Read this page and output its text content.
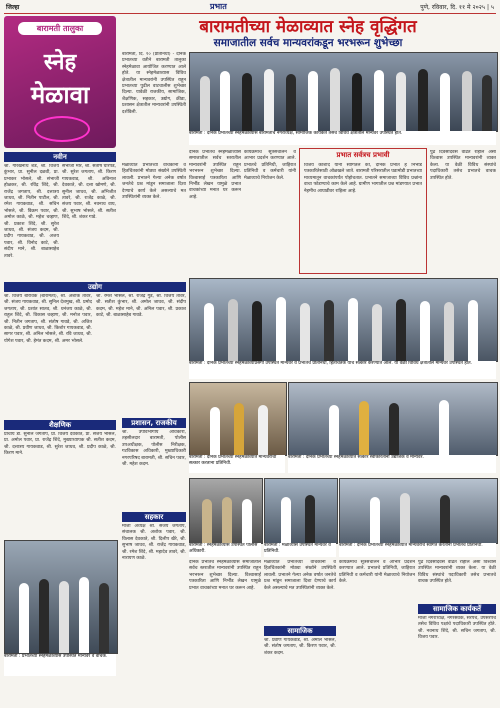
जिल्हा	प्रभात	पुणे, रविवार, दि. ११ मे २०२५ | ५
बारामती तालुका
स्नेह
मेळावा
बारामतीच्या मेळाव्यात स्नेह वृद्धिंगत
समाजातील सर्वच मान्यवरांकडून भरभरून शुभेच्छा
बारामती, दि. १० (प्रतिनिधी) - दैनिक प्रभातच्या वतीने बारामती तालुका स्नेहमेळावा आयोजित करण्यात आले होते. या स्नेहमेळाव्यास विविध क्षेत्रातील मान्यवरांनी उपस्थित राहून प्रभातच्या पुढील वाटचालीस शुभेच्छा दिल्या. यावेळी राजकीय, सामाजिक, शैक्षणिक, सहकार, उद्योग, क्रीडा, प्रशासन क्षेत्रातील मान्यवरांनी उपस्थिती दर्शविली.
बारामती : दैनिक प्रभातच्या स्नेहमेळाव्यास बारामतीचे नगराध्यक्ष, सामाजिक कार्यकर्ते तसेच विविध क्षेत्रातील मान्यवर उपस्थित होते.
नवीन
श्री. गोरखनाथ शेंडे, श्री. विजय कुंभार, प्रा. सुनील दळवी, प्रा. प्रभाकर भोसले, श्री. संभाजी होळकर, श्री. रविंद्र शिंदे, श्री. राजेंद्र जगताप, श्री. दत्तात्रय जाधव, श्री. नितीन पाटील, श्री. रमेश गायकवाड, श्री. सचिन भोसले, श्री. विक्रम पवार, श्री. अमोल काळे, श्री. महेश चव्हाण, श्री. प्रकाश शिंदे, श्री. सुरेश जाधव, श्री. संजय कदम, श्री. प्रदीप गायकवाड, श्री. अजय पवार, श्री. विनोद काटे, श्री. संदीप माने, श्री. बाळासाहेब तावरे.
संभाजी मोरे, श्री. संतोष घोरपडे, श्री. सुरेश जगताप, श्री. किरण गायकवाड, श्री. अविनाश देवकाते, श्री. दत्ता खोमणे, श्री. सुनील जाधव, श्री. अभिजीत तावरे, श्री. राजेंद्र काळे, श्री. संजय पवार, श्री. नवनाथ वाघ, श्री. सुभाष भोसले, श्री. सतीश शिंदे, श्री. शंकर गाडे.
मेळाव्यात प्रभातच्या वाचकांनी व हितचिंतकांनी मोठ्या संख्येने उपस्थिती लावली. प्रभातने गेल्या अनेक वर्षात जनतेचे प्रश्न मांडून समाजाला दिशा देण्याचे कार्य केले असल्याचे मत उपस्थितांनी व्यक्त केले.
दैनिक प्रभातचे स्नेहमेळाव्यास समाजातील सर्वच स्तरातील मान्यवरांनी उपस्थित राहून भरभरून शुभेच्छा दिल्या. विश्वासार्ह पत्रकारिता आणि निर्भीड लेखन यामुळे प्रभात वाचकांच्या मनात घर करून आहे.
कार्यक्रमाचे सूत्रसंचालन व आभार प्रदर्शन करण्यात आले. प्रभातचे प्रतिनिधी, जाहिरात प्रतिनिधी व कर्मचारी यांनी मेळाव्याचे नियोजन केले.
प्रभात सर्वत्रच प्रभावी
विजय काशीद यांनी सांगितले की, दैनिक प्रभात हे निर्भीड पत्रकारितेसाठी ओळखले जाते. बारामती परिसरातील घडामोडी प्रभातच्या माध्यमातून वाचकांपर्यंत पोहोचतात. प्रभातने समाजाच्या विविध प्रश्नांना वाचा फोडण्याचे काम केले आहे. ग्रामीण भागातील प्रश्न मांडण्यात प्रभात नेहमीच आघाडीवर राहिला आहे.
पुढे दिवसेंदिवस वाढत राहील असा विश्वास उपस्थित मान्यवरांनी व्यक्त केला. या वेळी विविध संस्थांचे पदाधिकारी तसेच प्रभातचे वाचक उपस्थित होते.
उद्योग
श्री. विजय बोरावके (बारामती), श्री. अशोक तावरे, श्री. संजय गायकवाड, श्री. सुनिल देशमुख, श्री. प्रमोद जगताप, श्री. प्रशांत सातव, श्री. धनंजय काळे, श्री. राहुल शिंदे, श्री. विकास चव्हाण, श्री. मनोज पवार, श्री. नितीन जगताप, श्री. संतोष गावडे, श्री. अजित काळे, श्री. प्रवीण जाधव, श्री. किशोर गायकवाड, श्री. सागर पवार, श्री. अनिल भोसले, श्री. रवि जाधव, श्री. योगेश पवार, श्री. हेमंत कदम, श्री. अमर भोसले.
श्री. रमेश भोसले, श्री. राजेंद्र गुंडे, श्री. विजय तावरे, श्री. सतीश कुंभार, श्री. अमोल जाधव, श्री. संदीप कदम, श्री. महेश माने, श्री. अनिल पवार, श्री. प्रकाश काटे, श्री. बाळासाहेब गावडे.
बारामती : दैनिक प्रभातच्या स्नेहमेळाव्याप्रसंगी उपस्थित मान्यवर व प्रभातचे प्रतिनिधी, हितचिंतक यांचे सत्कार करण्यात आले. या वेळी विविध क्षेत्रातील मान्यवर उपस्थित होते.
प्रशासन, राजकीय
श्री. उपविभागीय अधिकारी, तहसीलदार बारामती, पोलीस उपअधीक्षक, पोलीस निरीक्षक, गटविकास अधिकारी, मुख्याधिकारी नगरपरिषद बारामती, श्री. सचिन पवार, श्री. महेश कदम.
बारामती : दैनिक प्रभातच्या स्नेहमेळाव्यात मान्यवरांचा सत्कार करताना प्रतिनिधी.
बारामती : दैनिक प्रभातच्या स्नेहमेळाव्यात सत्कार स्वीकारताना उद्योजक व मान्यवर.
शैक्षणिक
प्राचार्य डॉ. सुनील जगताप, प्रा. विजय देवकाते, प्रा. संजय भोसले, प्रा. अमोल पवार, प्रा. राजेंद्र शिंदे, मुख्याध्यापक श्री. सतीश कदम, श्री. दत्तात्रय गायकवाड, श्री. सुरेश जाधव, श्री. प्रदीप काळे, श्री. किरण माने.
सहकार
माजी अध्यक्ष श्री. संजय जगताप, संचालक श्री. अशोक पवार, श्री. विलास देवकाते, श्री. दिलीप खैरे, श्री. सुभाष जाधव, श्री. राजेंद्र गायकवाड, श्री. रमेश शिंदे, श्री. महादेव तावरे, श्री. नारायण काळे.
बारामती : स्नेहमेळाव्यास उपस्थित पोलीस अधिकारी.
बारामती : मेळाव्यास उपस्थित मान्यवर व प्रतिनिधी.
बारामती : दैनिक प्रभातच्या स्नेहमेळाव्यात मान्यवरांचे स्वागत करताना प्रभातचे प्रतिनिधी.
दैनिक प्रभातचे स्नेहमेळाव्यास समाजातील सर्वच स्तरातील मान्यवरांनी उपस्थित राहून भरभरून शुभेच्छा दिल्या. विश्वासार्ह पत्रकारिता आणि निर्भीड लेखन यामुळे प्रभात वाचकांच्या मनात घर करून आहे.
मेळाव्यात प्रभातच्या वाचकांनी व हितचिंतकांनी मोठ्या संख्येने उपस्थिती लावली. प्रभातने गेल्या अनेक वर्षात जनतेचे प्रश्न मांडून समाजाला दिशा देण्याचे कार्य केले असल्याचे मत उपस्थितांनी व्यक्त केले.
सामाजिक
श्री. प्रवीण गायकवाड, श्री. अमोल भोसले, श्री. संतोष जगताप, श्री. किरण पवार, श्री. शंकर कदम.
कार्यक्रमाचे सूत्रसंचालन व आभार प्रदर्शन करण्यात आले. प्रभातचे प्रतिनिधी, जाहिरात प्रतिनिधी व कर्मचारी यांनी मेळाव्याचे नियोजन केले.
पुढे दिवसेंदिवस वाढत राहील असा विश्वास उपस्थित मान्यवरांनी व्यक्त केला. या वेळी विविध संस्थांचे पदाधिकारी तसेच प्रभातचे वाचक उपस्थित होते.
सामाजिक कार्यकर्ते
माजी नगराध्यक्ष, नगरसेवक, सरपंच, उपसरपंच तसेच विविध पक्षांचे पदाधिकारी उपस्थित होते. श्री. नवनाथ शिंदे, श्री. सचिन जगताप, श्री. विजय पवार.
बारामती : प्रभातच्या स्नेहमेळाव्यास उपस्थित मान्यवर व वाचक.
